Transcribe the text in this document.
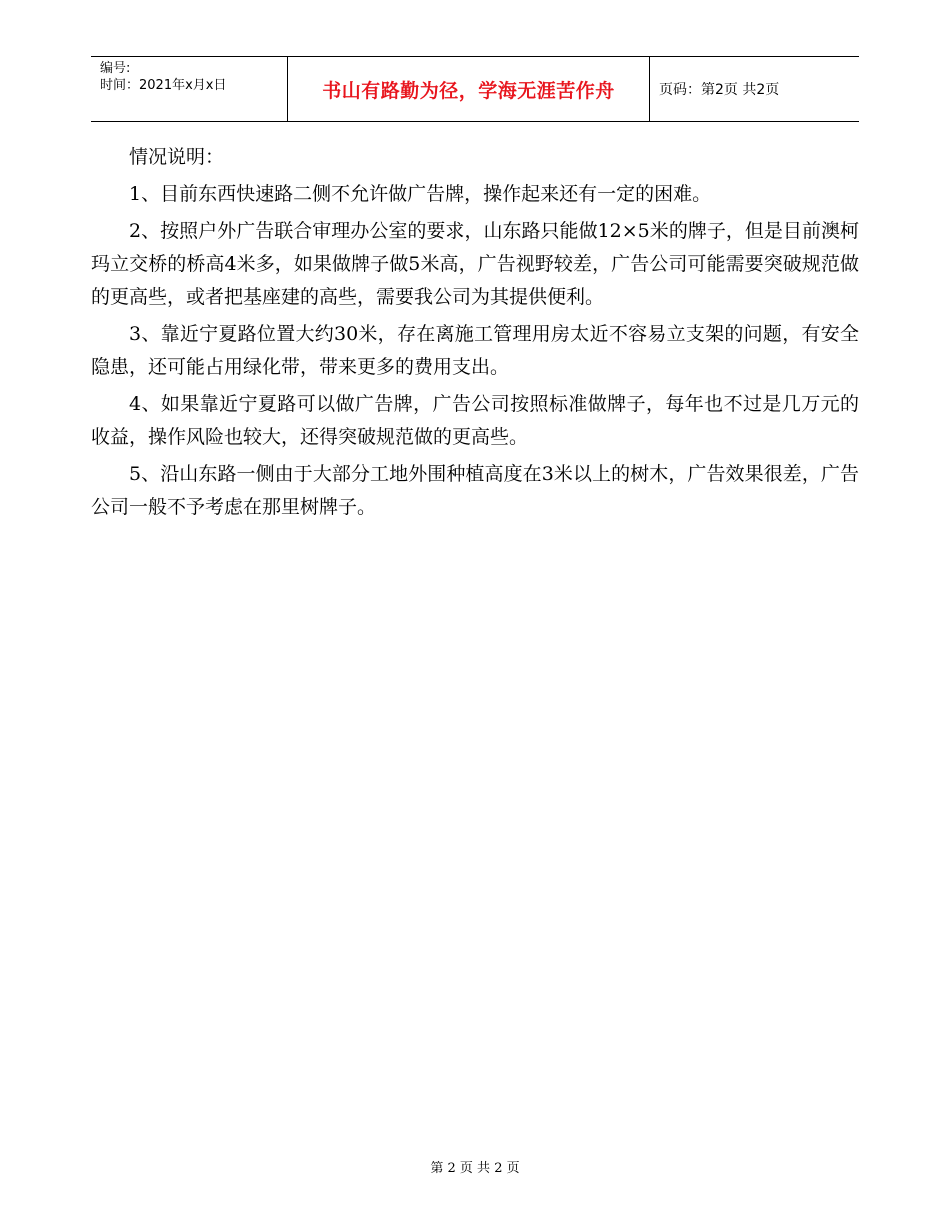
编号:
时间：2021年x月x日	书山有路勤为径，学海无涯苦作舟	页码：第2页 共2页

情况说明：

1、目前东西快速路二侧不允许做广告牌，操作起来还有一定的困难。

2、按照户外广告联合审理办公室的要求，山东路只能做12×5米的牌子，但是目前澳柯玛立交桥的桥高4米多，如果做牌子做5米高，广告视野较差，广告公司可能需要突破规范做的更高些，或者把基座建的高些，需要我公司为其提供便利。

3、靠近宁夏路位置大约30米，存在离施工管理用房太近不容易立支架的问题，有安全隐患，还可能占用绿化带，带来更多的费用支出。

4、如果靠近宁夏路可以做广告牌，广告公司按照标准做牌子，每年也不过是几万元的收益，操作风险也较大，还得突破规范做的更高些。

5、沿山东路一侧由于大部分工地外围种植高度在3米以上的树木，广告效果很差，广告公司一般不予考虑在那里树牌子。

第 2 页 共 2 页
